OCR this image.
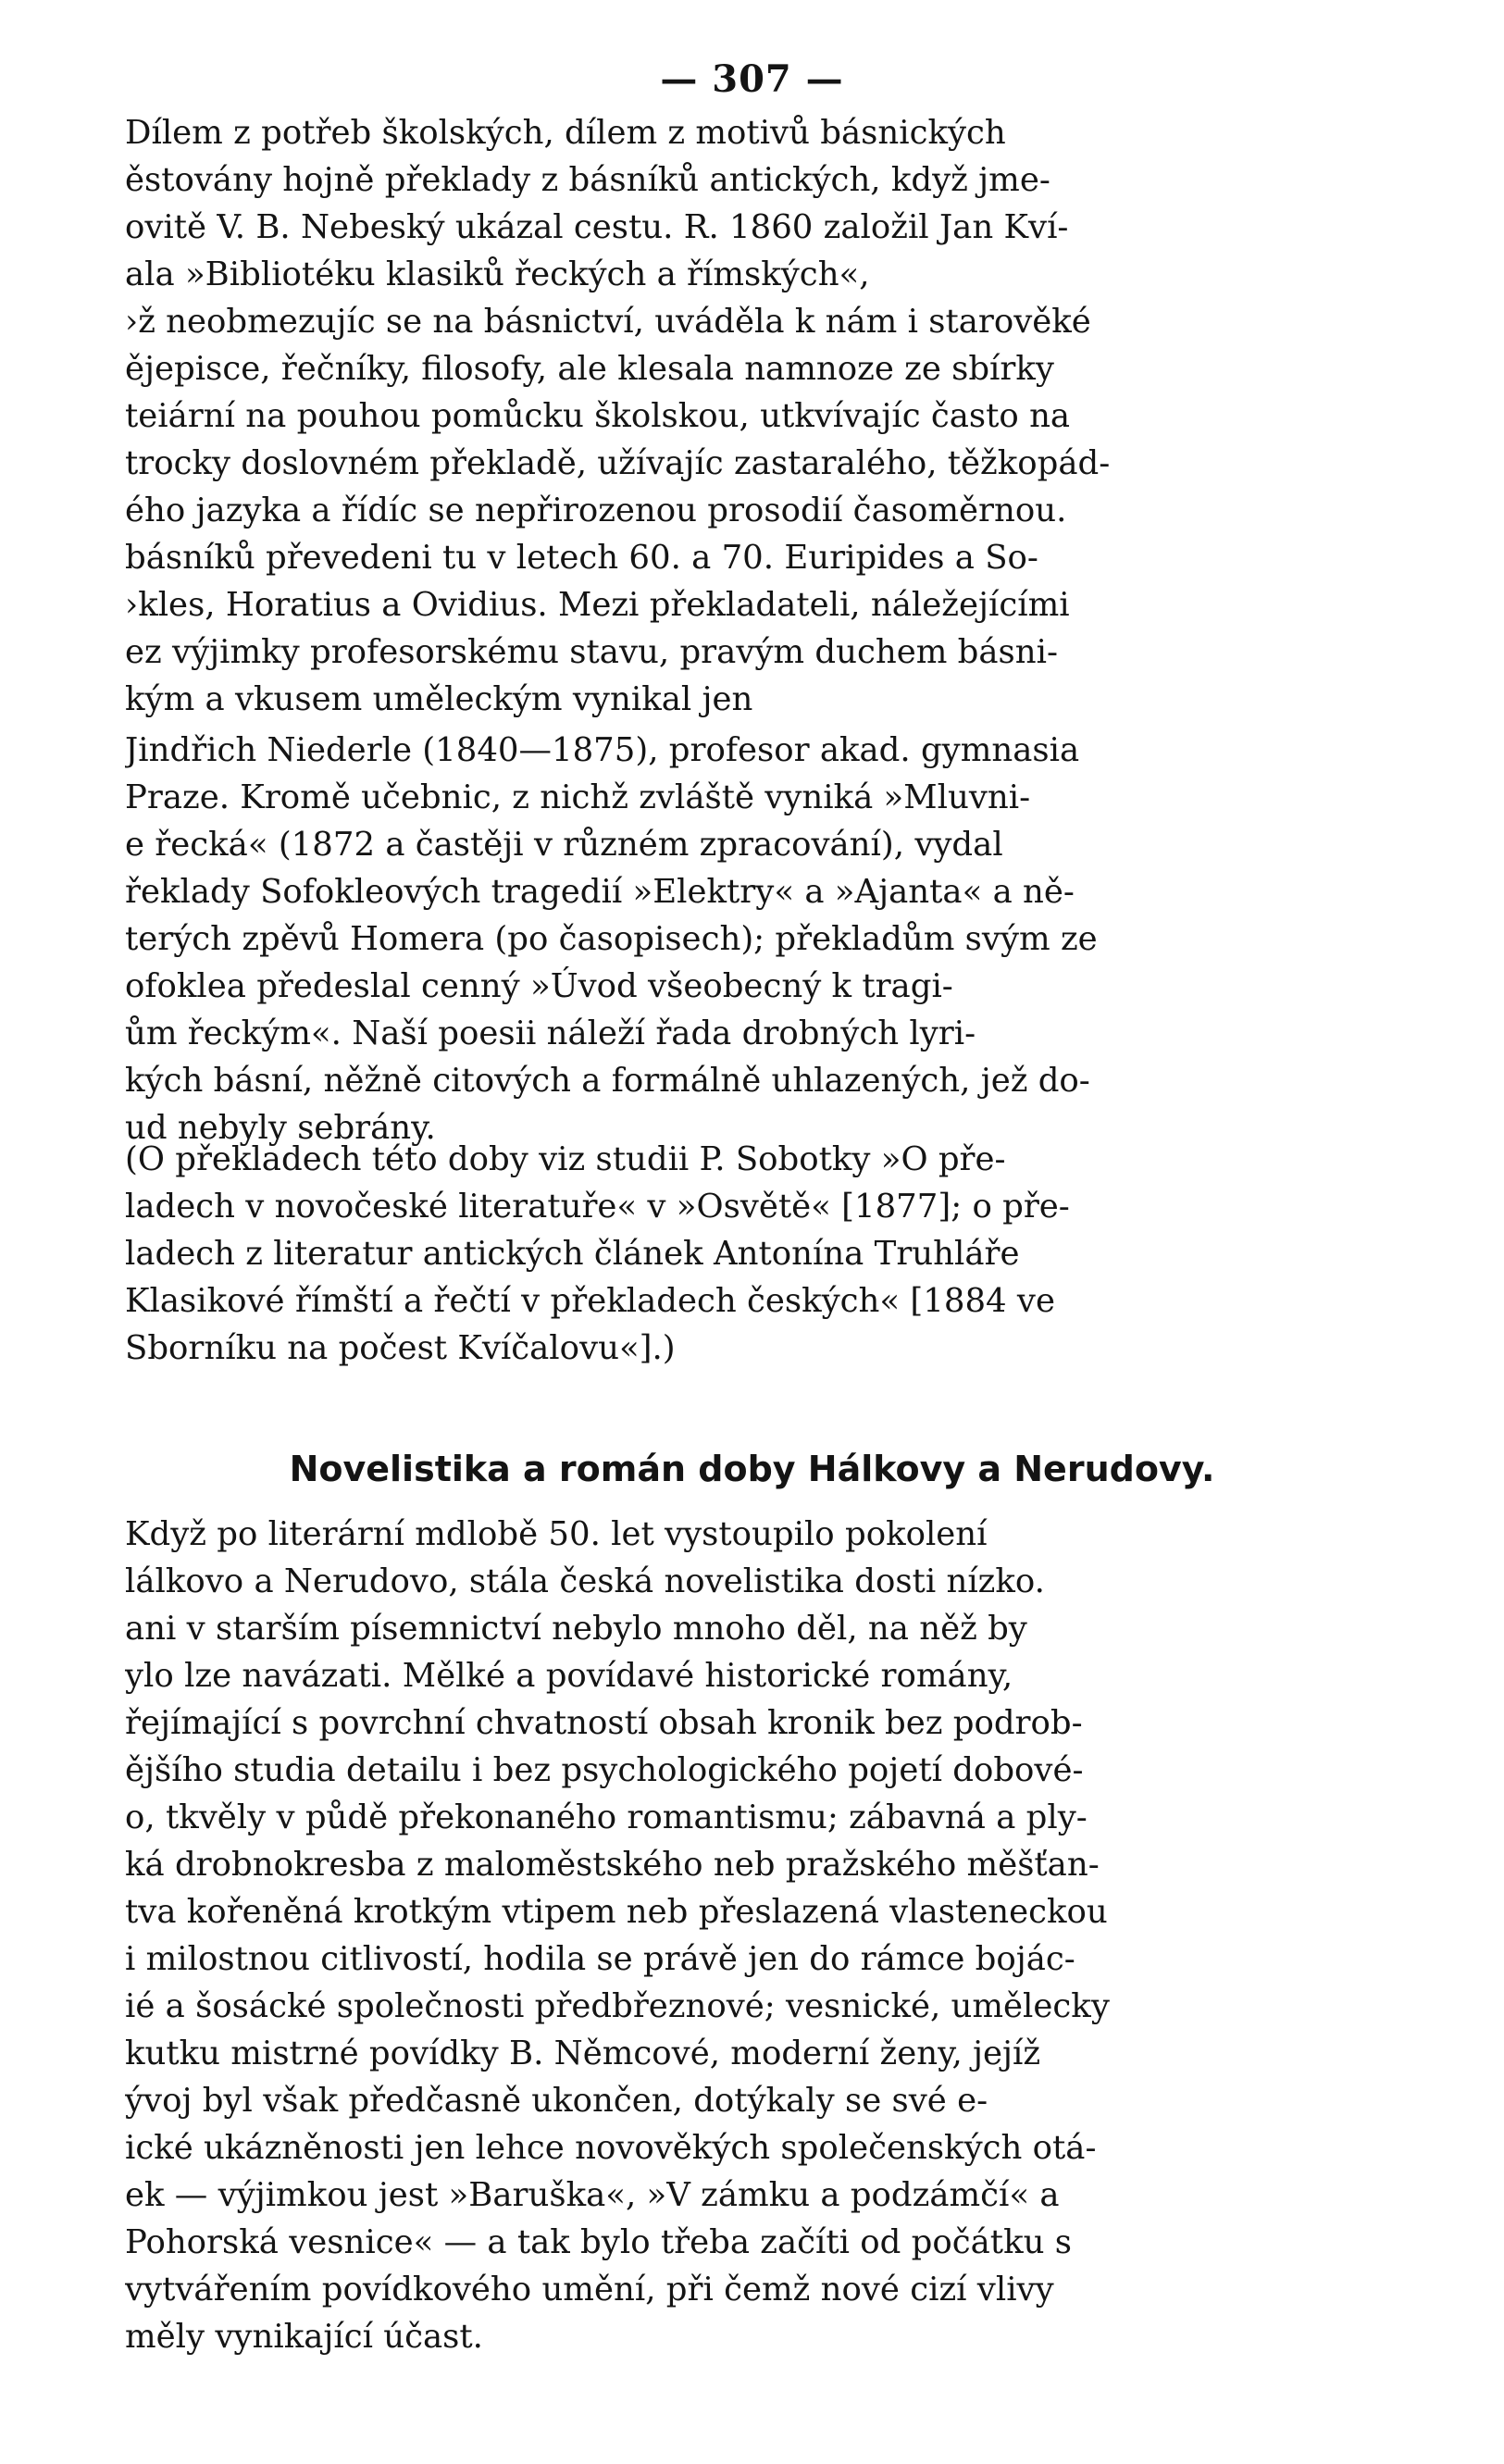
— 307 —
Dílem z potřeb školských, dílem z motivů básnických
ěstovány hojně překlady z básníků antických, když jme-
ovitě V. B. Nebeský ukázal cestu. R. 1860 založil Jan Kví-
ala »Bibliotéku klasiků řeckých a římských«,
›ž neobmezujíc se na básnictví, uváděla k nám i starověké
ějepisce, řečníky, filosofy, ale klesala namnoze ze sbírky
teiární na pouhou pomůcku školskou, utkvívajíc často na
trocky doslovném překladě, užívajíc zastaralého, těžkopád-
ého jazyka a řídíc se nepřirozenou prosodií časoměrnou.
básníků převedeni tu v letech 60. a 70. Euripides a So-
›kles, Horatius a Ovidius. Mezi překladateli, náležejícími
ez výjimky profesorskému stavu, pravým duchem básni-
kým a vkusem uměleckým vynikal jen
Jindřich Niederle (1840—1875), profesor akad. gymnasia
Praze. Kromě učebnic, z nichž zvláště vyniká »Mluvni-
e řecká« (1872 a častěji v různém zpracování), vydal
řeklady Sofokleových tragedií »Elektry« a »Ajanta« a ně-
terých zpěvů Homera (po časopisech); překladům svým ze
ofoklea předeslal cenný »Úvod všeobecný k tragi-
ům řeckým«. Naší poesii náleží řada drobných lyri-
kých básní, něžně citových a formálně uhlazených, jež do-
ud nebyly sebrány.
(O překladech této doby viz studii P. Sobotky »O pře-
ladech v novočeské literatuře« v »Osvětě« [1877]; o pře-
ladech z literatur antických článek Antonína Truhláře
Klasikové římští a řečtí v překladech českých« [1884 ve
Sborníku na počest Kvíčalovu«].)
Novelistika a román doby Hálkovy a Nerudovy.
Když po literární mdlobě 50. let vystoupilo pokolení
lálkovo a Nerudovo, stála česká novelistika dosti nízko.
ani v starším písemnictví nebylo mnoho děl, na něž by
ylo lze navázati. Mělké a povídavé historické romány,
řejímající s povrchní chvatností obsah kronik bez podrob-
ějšího studia detailu i bez psychologického pojetí dobové-
o, tkvěly v půdě překonaného romantismu; zábavná a ply-
ká drobnokresba z maloměstského neb pražského měšťan-
tva kořeněná krotkým vtipem neb přeslazená vlasteneckou
i milostnou citlivostí, hodila se právě jen do rámce bojác-
ié a šosácké společnosti předbřeznové; vesnické, umělecky
kutku mistrné povídky B. Němcové, moderní ženy, jejíž
ývoj byl však předčasně ukončen, dotýkaly se své e-
ické ukázněnosti jen lehce novověkých společenských otá-
ek — výjimkou jest »Baruška«, »V zámku a podzámčí« a
Pohorská vesnice« — a tak bylo třeba začíti od počátku s
vytvářením povídkového umění, při čemž nové cizí vlivy
měly vynikající účast.
